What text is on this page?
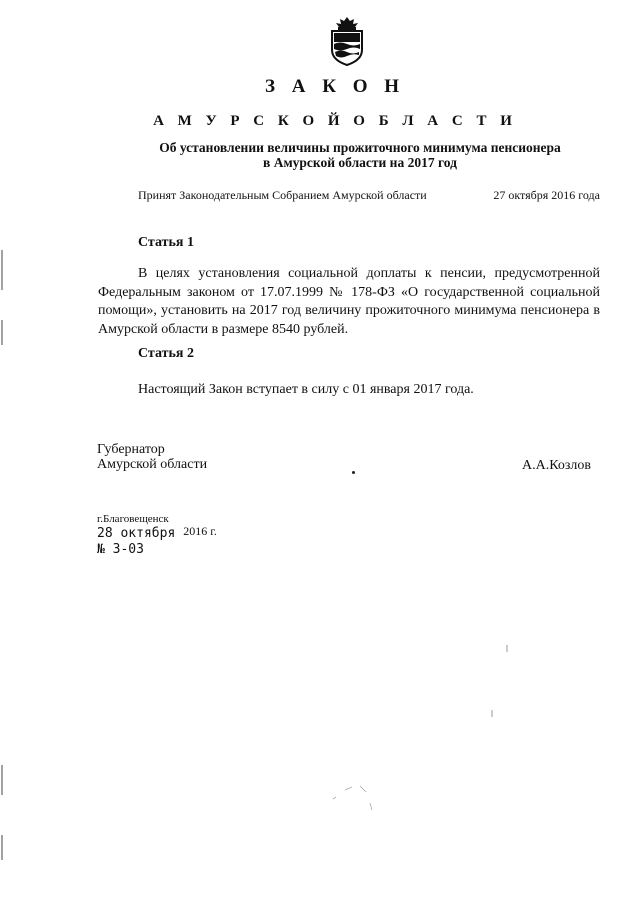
З А К О Н
А М У Р С К О Й О Б Л А С Т И
Об установлении величины прожиточного минимума пенсионера
в Амурской области на 2017 год
Принят Законодательным Собранием Амурской области	27 октября 2016 года
Статья 1
В целях установления социальной доплаты к пенсии, предусмотренной Федеральным законом от 17.07.1999 № 178-ФЗ «О государственной социальной помощи», установить на 2017 год величину прожиточного минимума пенсионера в Амурской области в размере 8540 рублей.
Статья 2
Настоящий Закон вступает в силу с 01 января 2017 года.
Губернатор
Амурской области	А.А.Козлов
г.Благовещенск
28 октября 2016 г.
№ 3-03
